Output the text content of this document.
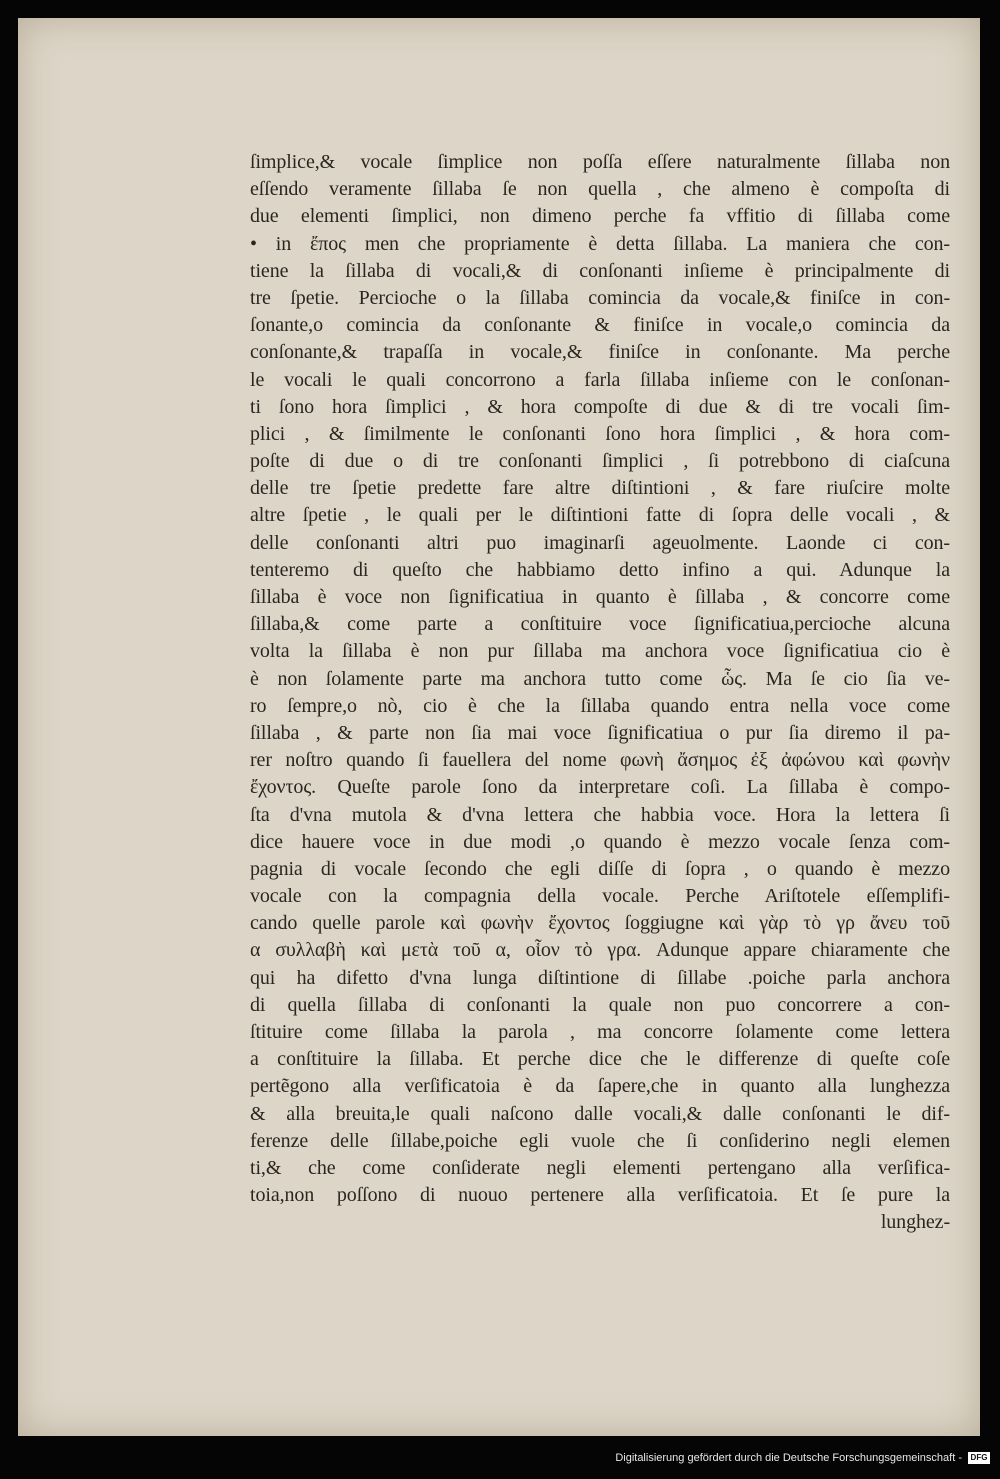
ſimplice,& vocale ſimplice non poſſa eſſere naturalmente ſillaba non
eſſendo veramente ſillaba ſe non quella , che almeno è compoſta di
due elementi ſimplici, non dimeno perche fa vffitio di ſillaba come
• in ἔπος men che propriamente è detta ſillaba. La maniera che con-
tiene la ſillaba di vocali,& di conſonanti inſieme è principalmente di
tre ſpetie. Percioche o la ſillaba comincia da vocale,& finiſce in con-
ſonante,o comincia da conſonante & finiſce in vocale,o comincia da
conſonante,& trapaſſa in vocale,& finiſce in conſonante. Ma perche
le vocali le quali concorrono a farla ſillaba inſieme con le conſonan-
ti ſono hora ſimplici , & hora compoſte di due & di tre vocali ſim-
plici , & ſimilmente le conſonanti ſono hora ſimplici , & hora com-
poſte di due o di tre conſonanti ſimplici , ſi potrebbono di ciaſcuna
delle tre ſpetie predette fare altre diſtintioni , & fare riuſcire molte
altre ſpetie , le quali per le diſtintioni fatte di ſopra delle vocali , &
delle conſonanti altri puo imaginarſi ageuolmente. Laonde ci con-
tenteremo di queſto che habbiamo detto infino a qui. Adunque la
ſillaba è voce non ſignificatiua in quanto è ſillaba , & concorre come
ſillaba,& come parte a conſtituire voce ſignificatiua,percioche alcuna
volta la ſillaba è non pur ſillaba ma anchora voce ſignificatiua cio è
è non ſolamente parte ma anchora tutto come ὧς. Ma ſe cio ſia ve-
ro ſempre,o nò, cio è che la ſillaba quando entra nella voce come
ſillaba , & parte non ſia mai voce ſignificatiua o pur ſia diremo il pa-
rer noſtro quando ſi fauellera del nome φωνὴ ἄσημος ἐξ ἀφώνου καὶ φωνὴν
ἔχοντος. Queſte parole ſono da interpretare coſi. La ſillaba è compo-
ſta d'vna mutola & d'vna lettera che habbia voce. Hora la lettera ſi
dice hauere voce in due modi ,o quando è mezzo vocale ſenza com-
pagnia di vocale ſecondo che egli diſſe di ſopra , o quando è mezzo
vocale con la compagnia della vocale. Perche Ariſtotele eſſemplifi-
cando quelle parole καὶ φωνὴν ἔχοντος ſoggiugne καὶ γὰρ τὸ γρ ἄνευ τοῦ
α συλλαβὴ καὶ μετὰ τοῦ α, οἷον τὸ γρα. Adunque appare chiaramente che
qui ha difetto d'vna lunga diſtintione di ſillabe .poiche parla anchora
di quella ſillaba di conſonanti la quale non puo concorrere a con-
ſtituire come ſillaba la parola , ma concorre ſolamente come lettera
a conſtituire la ſillaba. Et perche dice che le differenze di queſte coſe
pertẽgono alla verſificatoia è da ſapere,che in quanto alla lunghezza
& alla breuita,le quali naſcono dalle vocali,& dalle conſonanti le dif-
ferenze delle ſillabe,poiche egli vuole che ſi conſiderino negli elemen
ti,& che come conſiderate negli elementi pertengano alla verſifica-
toia,non poſſono di nuouo pertenere alla verſificatoia. Et ſe pure la
lunghez-
Digitalisierung gefördert durch die Deutsche Forschungsgemeinschaft -	DFG
